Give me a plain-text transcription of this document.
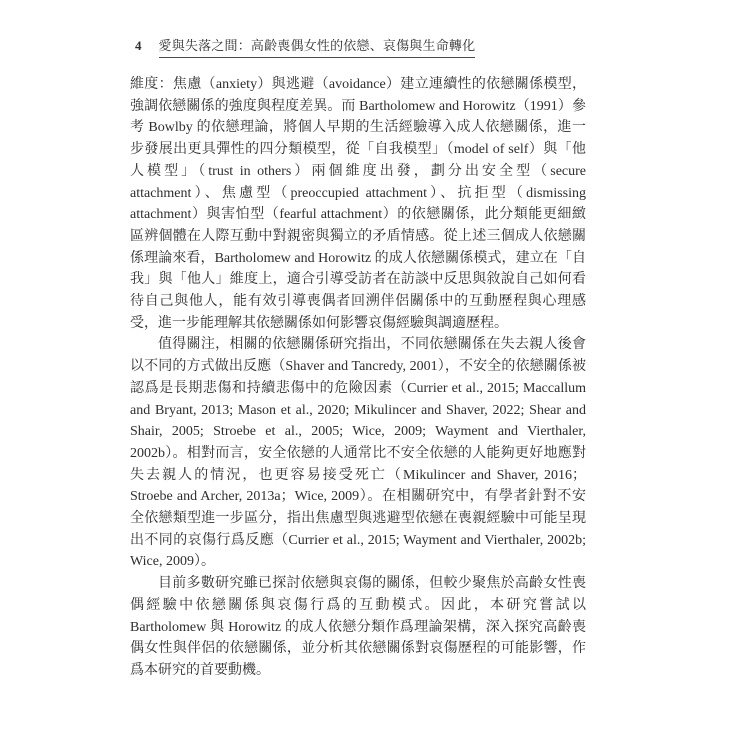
4 愛與失落之間：高齡喪偶女性的依戀、哀傷與生命轉化

維度：焦慮（anxiety）與逃避（avoidance）建立連續性的依戀關係模型，強調依戀關係的強度與程度差異。而 Bartholomew and Horowitz（1991）參考 Bowlby 的依戀理論，將個人早期的生活經驗導入成人依戀關係，進一步發展出更具彈性的四分類模型，從「自我模型」（model of self）與「他人模型」（trust in others）兩個維度出發，劃分出安全型（secure attachment）、焦慮型（preoccupied attachment）、抗拒型（dismissing attachment）與害怕型（fearful attachment）的依戀關係，此分類能更細緻區辨個體在人際互動中對親密與獨立的矛盾情感。從上述三個成人依戀關係理論來看，Bartholomew and Horowitz 的成人依戀關係模式，建立在「自我」與「他人」維度上，適合引導受訪者在訪談中反思與敘說自己如何看待自己與他人，能有效引導喪偶者回溯伴侶關係中的互動歷程與心理感受，進一步能理解其依戀關係如何影響哀傷經驗與調適歷程。

值得關注，相關的依戀關係研究指出，不同依戀關係在失去親人後會以不同的方式做出反應（Shaver and Tancredy, 2001），不安全的依戀關係被認爲是長期悲傷和持續悲傷中的危險因素（Currier et al., 2015; Maccallum and Bryant, 2013; Mason et al., 2020; Mikulincer and Shaver, 2022; Shear and Shair, 2005; Stroebe et al., 2005; Wice, 2009; Wayment and Vierthaler, 2002b）。相對而言，安全依戀的人通常比不安全依戀的人能夠更好地應對失去親人的情況，也更容易接受死亡（Mikulincer and Shaver, 2016；Stroebe and Archer, 2013a；Wice, 2009）。在相關研究中，有學者針對不安全依戀類型進一步區分，指出焦慮型與逃避型依戀在喪親經驗中可能呈現出不同的哀傷行爲反應（Currier et al., 2015; Wayment and Vierthaler, 2002b; Wice, 2009）。

目前多數研究雖已探討依戀與哀傷的關係，但較少聚焦於高齡女性喪偶經驗中依戀關係與哀傷行爲的互動模式。因此，本研究嘗試以 Bartholomew 與 Horowitz 的成人依戀分類作爲理論架構，深入探究高齡喪偶女性與伴侶的依戀關係，並分析其依戀關係對哀傷歷程的可能影響，作爲本研究的首要動機。
